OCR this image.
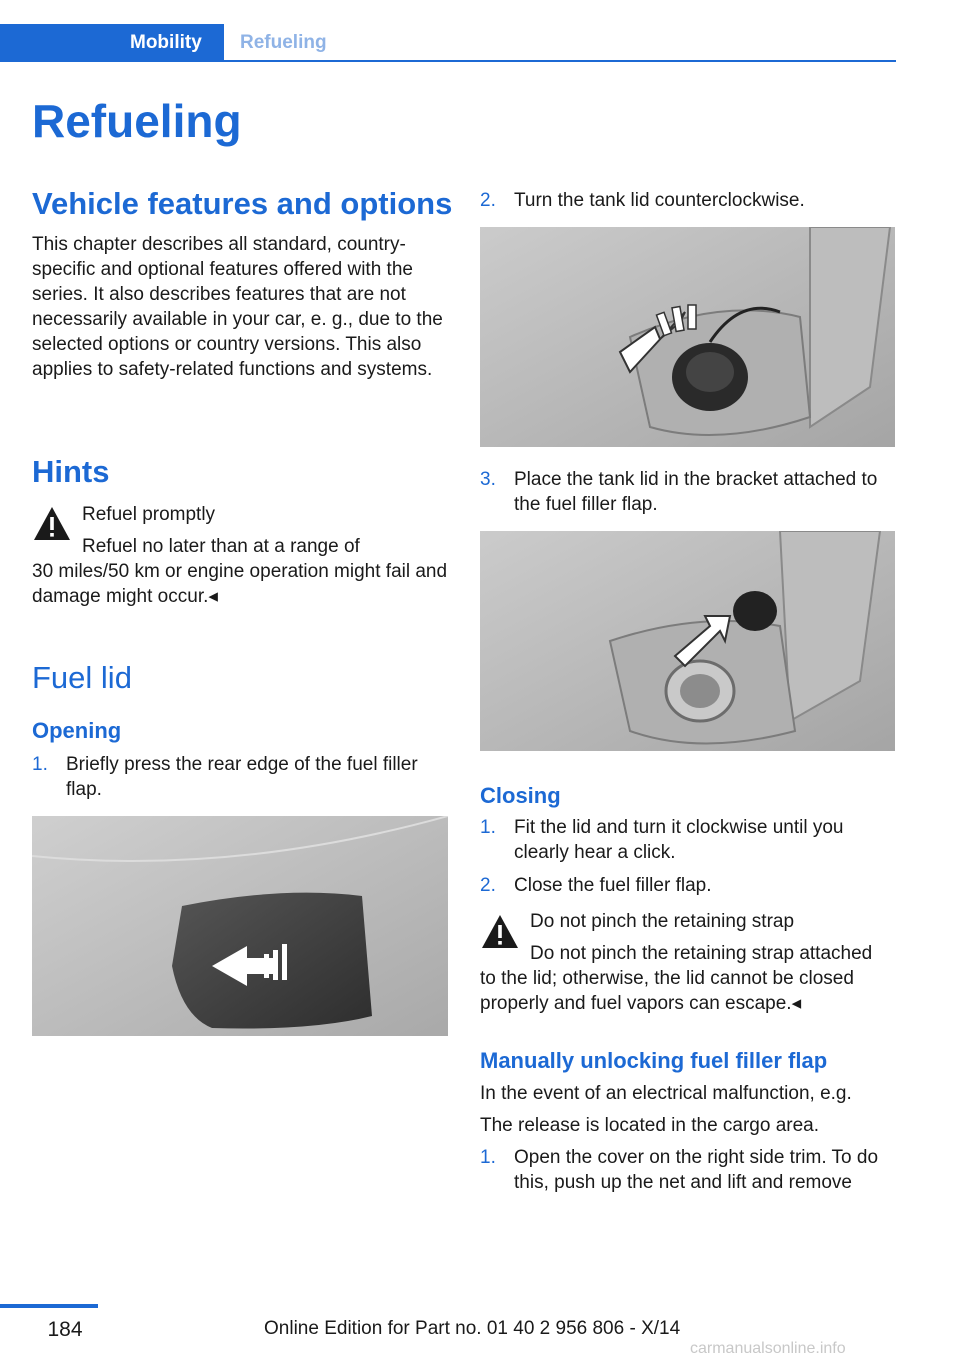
Mobility	Refueling
Refueling
Vehicle features and options
This chapter describes all standard, country-specific and optional features offered with the series. It also describes features that are not necessarily available in your car, e. g., due to the selected options or country versions. This also applies to safety-related functions and systems.
Hints
Refuel promptly
Refuel no later than at a range of
30 miles/50 km or engine operation might fail and damage might occur.◂
Fuel lid
Opening
1. Briefly press the rear edge of the fuel filler flap.
2. Turn the tank lid counterclockwise.
3. Place the tank lid in the bracket attached to the fuel filler flap.
Closing
1. Fit the lid and turn it clockwise until you clearly hear a click.
2. Close the fuel filler flap.
Do not pinch the retaining strap
Do not pinch the retaining strap attached
to the lid; otherwise, the lid cannot be closed properly and fuel vapors can escape.◂
Manually unlocking fuel filler flap
In the event of an electrical malfunction, e.g.
The release is located in the cargo area.
1. Open the cover on the right side trim. To do this, push up the net and lift and remove
184	Online Edition for Part no. 01 40 2 956 806 - X/14
carmanualsonline.info
